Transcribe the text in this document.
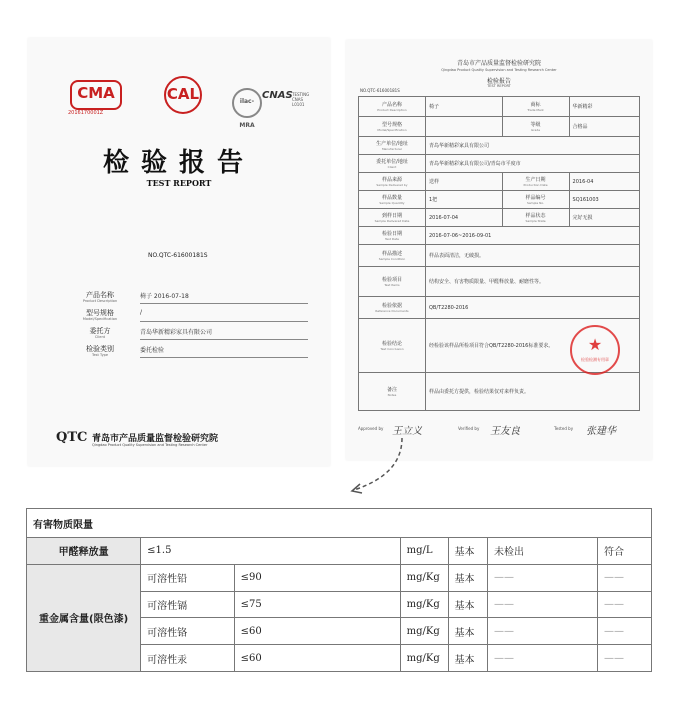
CMA
2016170001Z
CAL	ilac-MRA
CNAS TESTING CNAS L0101
检验报告
TEST REPORT
NO.QTC-61600181S
产品名称
Product Description
椅子 2016-07-18
型号规格
Model/Specification
/
委托方
Client
青岛华新精彩家具有限公司
检验类别
Test Type
委托检验
QTC 青岛市产品质量监督检验研究院
Qingdao Product Quality Supervision and Testing Research Center
青岛市产品质量监督检验研究院
Qingdao Product Quality Supervision and Testing Research Center
检验报告
TEST REPORT
NO.QTC-61600181S
产品名称
Product Description	椅子	商标
Trade Mark	华新精彩
型号规格
Model/Specification		等级
Grade	合格品
生产单位/地址
Manufacturer	青岛华新精彩家具有限公司		
委托单位/地址
Client	青岛华新精彩家具有限公司/青岛市平度市		
样品来源
Sample Delivered by	送样	生产日期
Production Date	2016-04
样品数量
Sample Quantity	1把	样品编号
Sample No.	SQ161003
到样日期
Sample Delivered Date	2016-07-04	样品状态
Sample State	完好无损
检验日期
Test Date	2016-07-06~2016-09-01		
样品描述
Sample Condition	样品表面清洁，无破损。		
检验项目
Test Items	结构安全、有害物质限量、甲醛释放量、耐磨性等。		
检验依据
Reference Documents	QB/T2280-2016		
检验结论
Test Conclusion	经检验该样品所检项目符合QB/T2280-2016标准要求。		
备注
Notes	样品由委托方提供，检验结果仅对来样负责。		
★
检验检测专用章
Approved by 王立义	Verified by 王友良	Tested by 张建华
有害物质限量						
甲醛释放量	≤1.5		mg/L	基本	未检出	符合
重金属含量(限色漆)	可溶性铅	≤90	mg/Kg	基本	——	——
	可溶性镉	≤75	mg/Kg	基本	——	——
	可溶性铬	≤60	mg/Kg	基本	——	——
	可溶性汞	≤60	mg/Kg	基本	——	——
